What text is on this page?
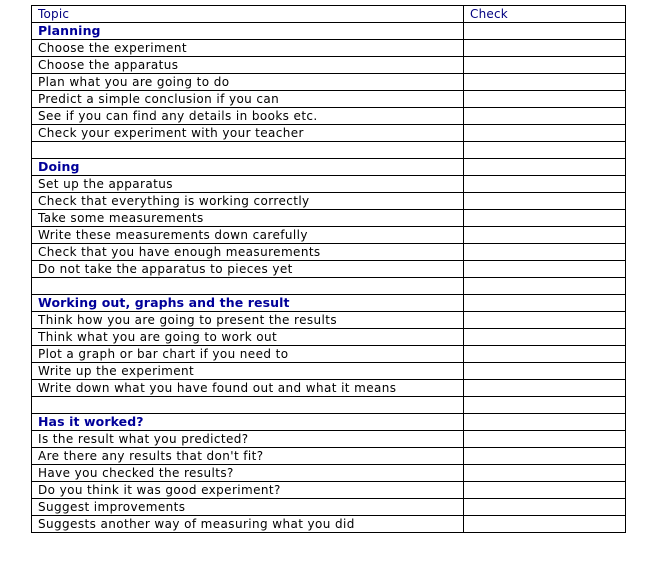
Topic	Check
Planning	
Choose the experiment	
Choose the apparatus	
Plan what you are going to do	
Predict a simple conclusion if you can	
See if you can find any details in books etc.	
Check your experiment with your teacher	

Doing	
Set up the apparatus	
Check that everything is working correctly	
Take some measurements	
Write these measurements down carefully	
Check that you have enough measurements	
Do not take the apparatus to pieces yet	

Working out, graphs and the result	
Think how you are going to present the results	
Think what you are going to work out	
Plot a graph or bar chart if you need to	
Write up the experiment	
Write down what you have found out and what it means	

Has it worked?	
Is the result what you predicted?	
Are there any results that don't fit?	
Have you checked the results?	
Do you think it was good experiment?	
Suggest improvements	
Suggests another way of measuring what you did	
